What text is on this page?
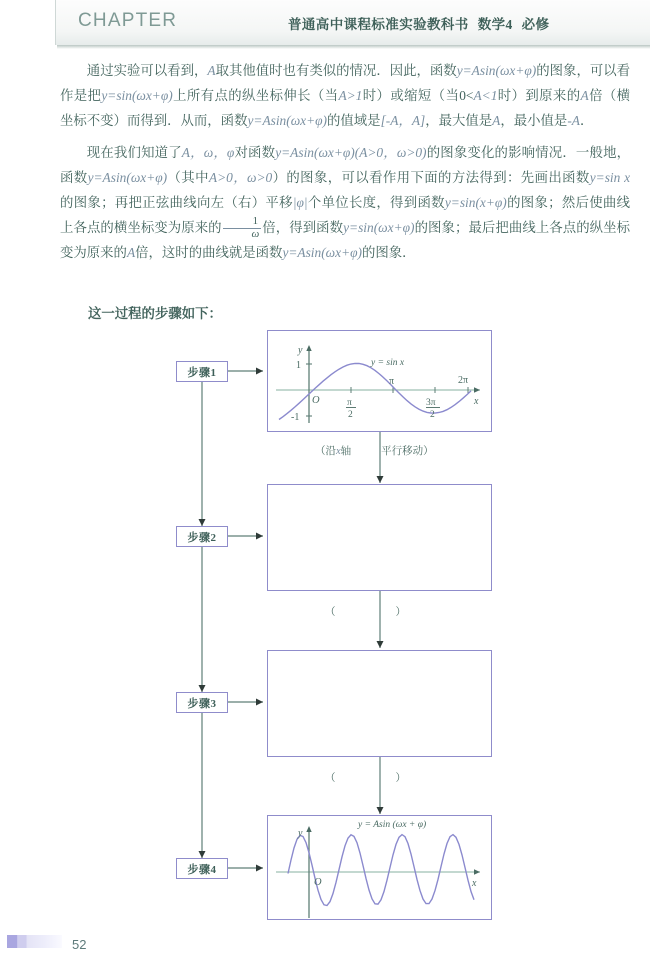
CHAPTER	普通高中课程标准实验教科书 数学4 必修

通过实验可以看到，A取其他值时也有类似的情况．因此，函数y=Asin(ωx+φ)的图象，可以看作是把y=sin(ωx+φ)上所有点的纵坐标伸长（当A>1时）或缩短（当0<A<1时）到原来的A倍（横坐标不变）而得到．从而，函数y=Asin(ωx+φ)的值域是[-A，A]，最大值是A，最小值是-A．

现在我们知道了A，ω，φ对函数y=Asin(ωx+φ)(A>0，ω>0)的图象变化的影响情况．一般地，函数y=Asin(ωx+φ)（其中A>0，ω>0）的图象，可以看作用下面的方法得到：先画出函数y=sin x的图象；再把正弦曲线向左（右）平移|φ|个单位长度，得到函数y=sin(x+φ)的图象；然后使曲线上各点的横坐标变为原来的 $\frac{1}{\omega}$ 倍，得到函数y=sin(ωx+φ)的图象；最后把曲线上各点的纵坐标变为原来的A倍，这时的曲线就是函数y=Asin(ωx+φ)的图象．

这一过程的步骤如下：
步骤1
步骤2
步骤3
步骤4
（沿x轴	平行移动）
（	）
（	）
y
x
1
-1
O	π
2
π
3π
2
2π
y = sin x
y
x
O
y = Asin (ωx + φ)
52
